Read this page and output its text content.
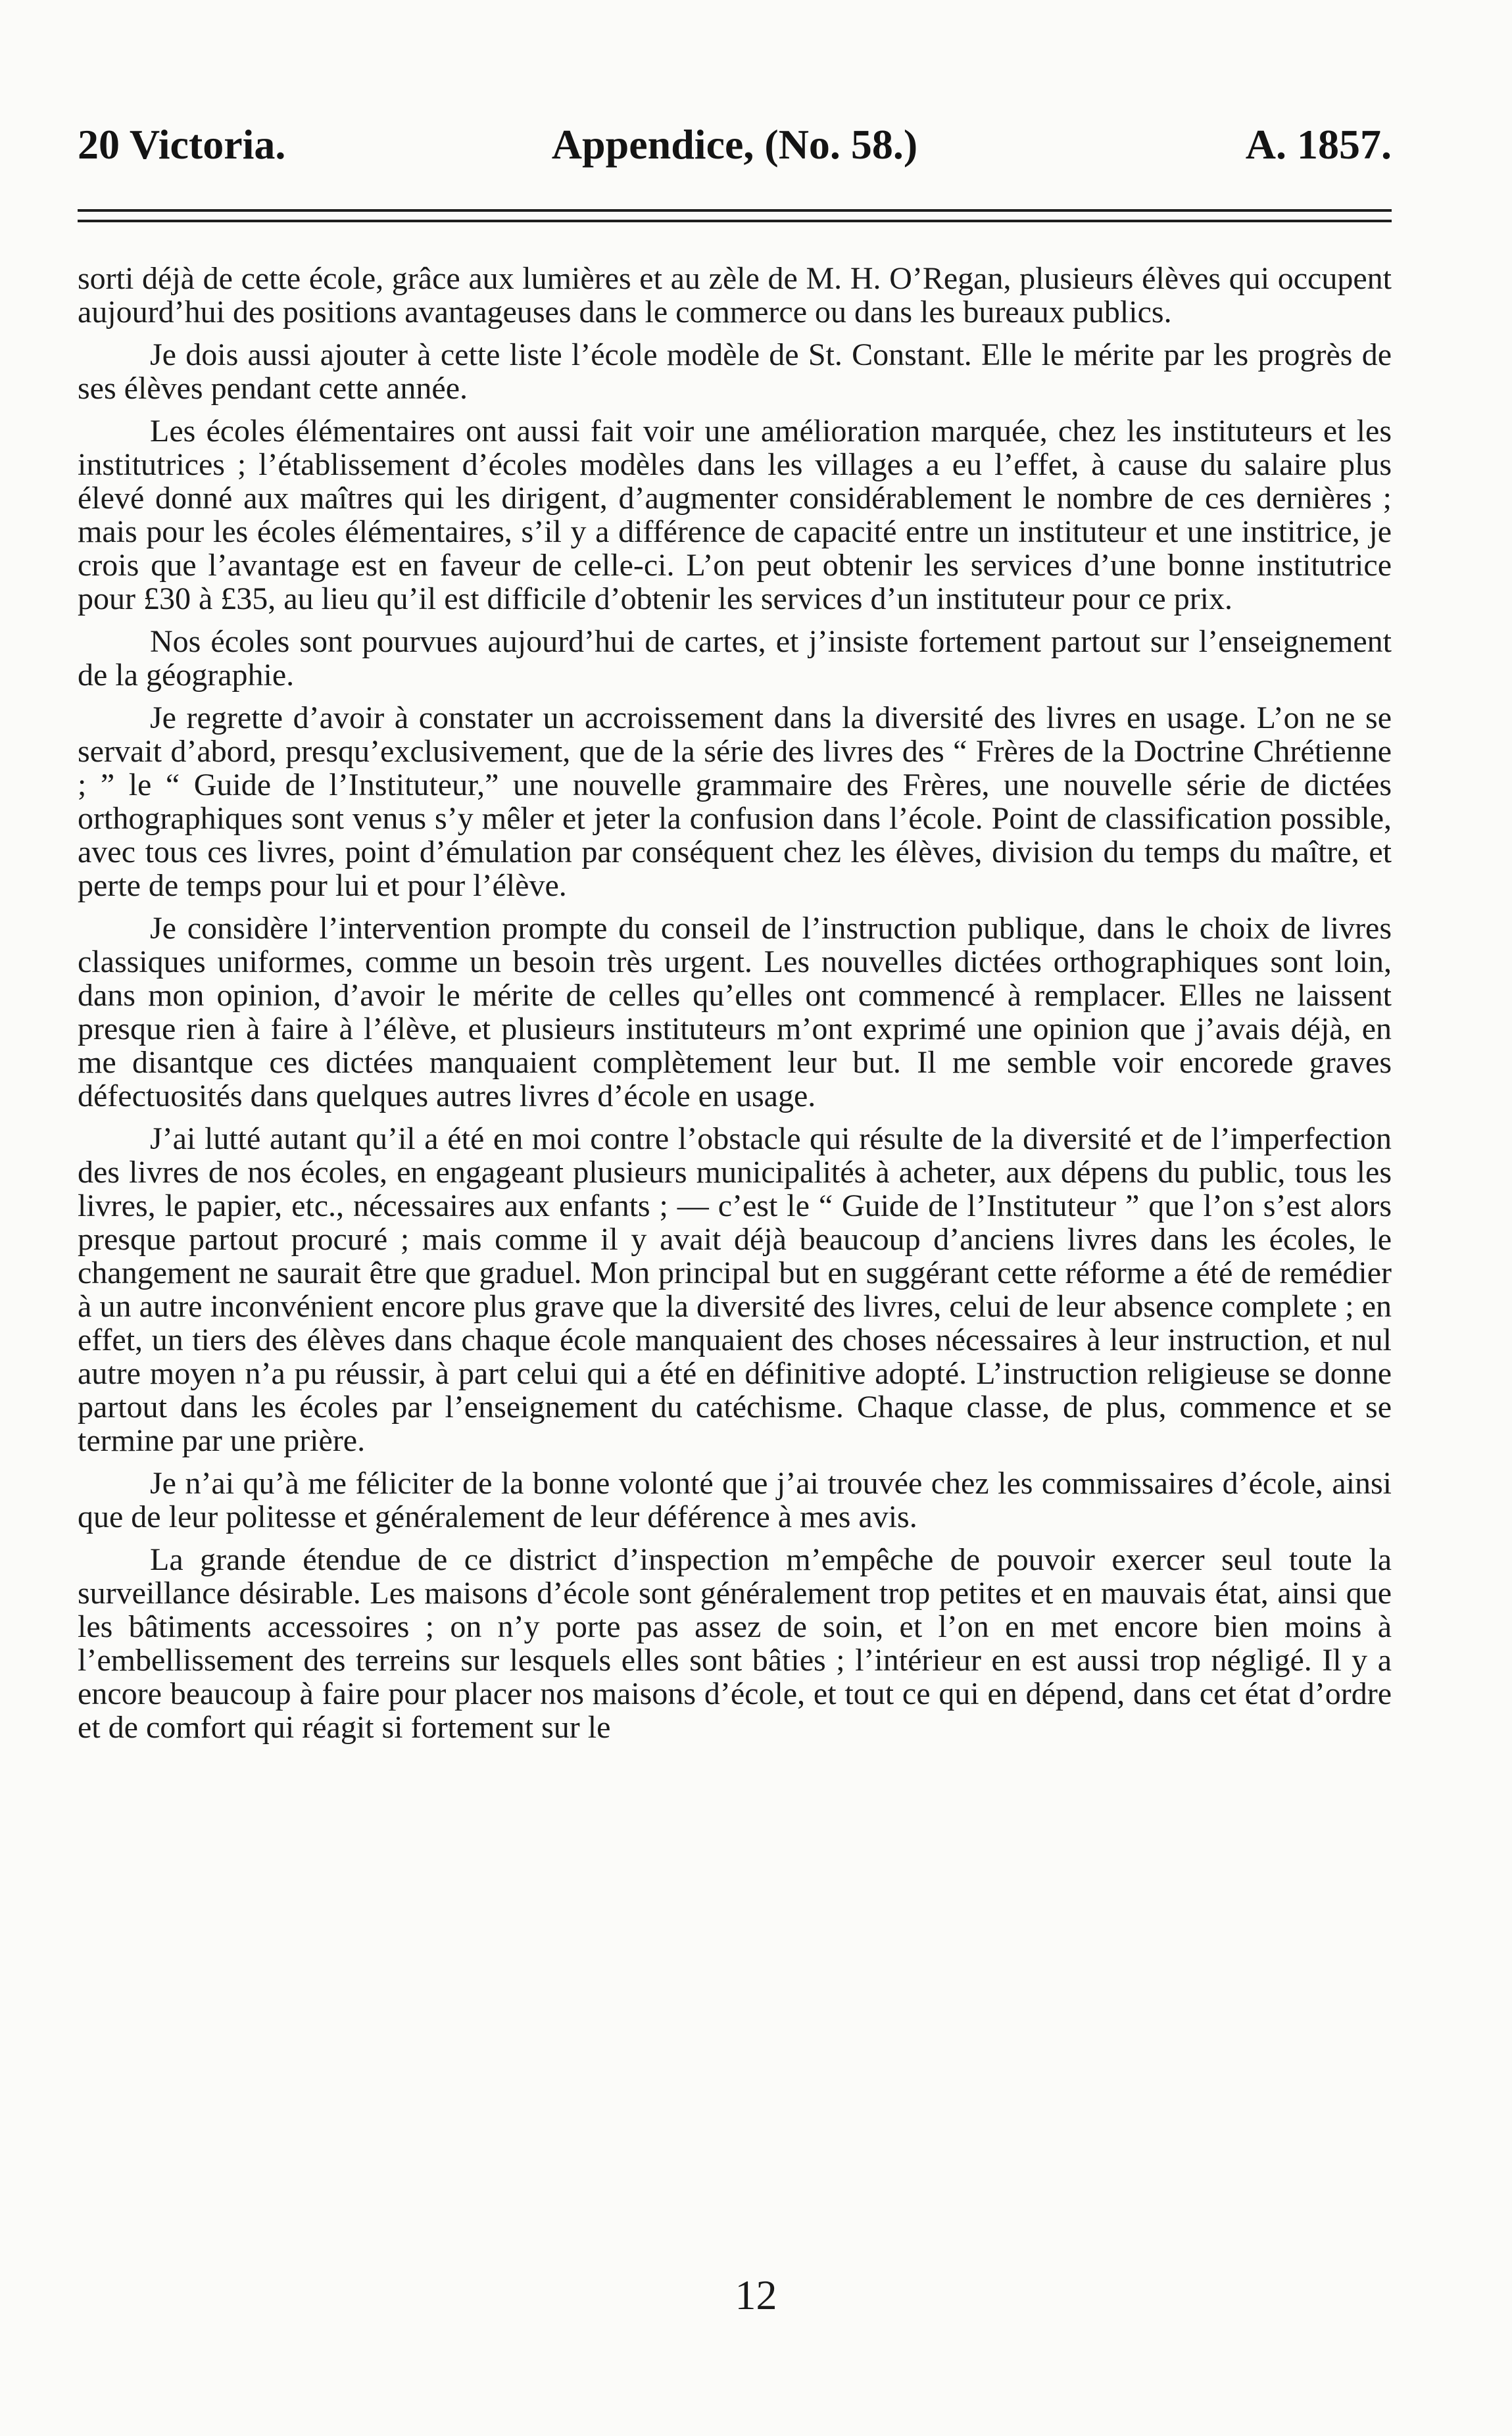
20 Victoria.	Appendice, (No. 58.)	A. 1857.

sorti déjà de cette école, grâce aux lumières et au zèle de M. H. O’Regan, plusieurs élèves qui occupent aujourd’hui des positions avantageuses dans le commerce ou dans les bureaux publics.

Je dois aussi ajouter à cette liste l’école modèle de St. Constant. Elle le mérite par les progrès de ses élèves pendant cette année.

Les écoles élémentaires ont aussi fait voir une amélioration marquée, chez les instituteurs et les institutrices ; l’établissement d’écoles modèles dans les villages a eu l’effet, à cause du salaire plus élevé donné aux maîtres qui les dirigent, d’augmenter considérablement le nombre de ces dernières ; mais pour les écoles élémentaires, s’il y a différence de capacité entre un instituteur et une institrice, je crois que l’avantage est en faveur de celle-ci. L’on peut obtenir les services d’une bonne institutrice pour £30 à £35, au lieu qu’il est difficile d’obtenir les services d’un instituteur pour ce prix.

Nos écoles sont pourvues aujourd’hui de cartes, et j’insiste fortement partout sur l’enseignement de la géographie.

Je regrette d’avoir à constater un accroissement dans la diversité des livres en usage. L’on ne se servait d’abord, presqu’exclusivement, que de la série des livres des “ Frères de la Doctrine Chrétienne ; ” le “ Guide de l’Instituteur,” une nouvelle grammaire des Frères, une nouvelle série de dictées orthographiques sont venus s’y mêler et jeter la confusion dans l’école. Point de classification possible, avec tous ces livres, point d’émulation par conséquent chez les élèves, division du temps du maître, et perte de temps pour lui et pour l’élève.

Je considère l’intervention prompte du conseil de l’instruction publique, dans le choix de livres classiques uniformes, comme un besoin très urgent. Les nouvelles dictées orthographiques sont loin, dans mon opinion, d’avoir le mérite de celles qu’elles ont commencé à remplacer. Elles ne laissent presque rien à faire à l’élève, et plusieurs instituteurs m’ont exprimé une opinion que j’avais déjà, en me disantque ces dictées manquaient complètement leur but. Il me semble voir encorede graves défectuosités dans quelques autres livres d’école en usage.

J’ai lutté autant qu’il a été en moi contre l’obstacle qui résulte de la diversité et de l’imperfection des livres de nos écoles, en engageant plusieurs municipalités à acheter, aux dépens du public, tous les livres, le papier, etc., nécessaires aux enfants ; — c’est le “ Guide de l’Instituteur ” que l’on s’est alors presque partout procuré ; mais comme il y avait déjà beaucoup d’anciens livres dans les écoles, le changement ne saurait être que graduel. Mon principal but en suggérant cette réforme a été de remédier à un autre inconvénient encore plus grave que la diversité des livres, celui de leur absence complete ; en effet, un tiers des élèves dans chaque école manquaient des choses nécessaires à leur instruction, et nul autre moyen n’a pu réussir, à part celui qui a été en définitive adopté. L’instruction religieuse se donne partout dans les écoles par l’enseignement du catéchisme. Chaque classe, de plus, commence et se termine par une prière.

Je n’ai qu’à me féliciter de la bonne volonté que j’ai trouvée chez les commissaires d’école, ainsi que de leur politesse et généralement de leur déférence à mes avis.

La grande étendue de ce district d’inspection m’empêche de pouvoir exercer seul toute la surveillance désirable. Les maisons d’école sont généralement trop petites et en mauvais état, ainsi que les bâtiments accessoires ; on n’y porte pas assez de soin, et l’on en met encore bien moins à l’embellissement des terreins sur lesquels elles sont bâties ; l’intérieur en est aussi trop négligé. Il y a encore beaucoup à faire pour placer nos maisons d’école, et tout ce qui en dépend, dans cet état d’ordre et de comfort qui réagit si fortement sur le

12
